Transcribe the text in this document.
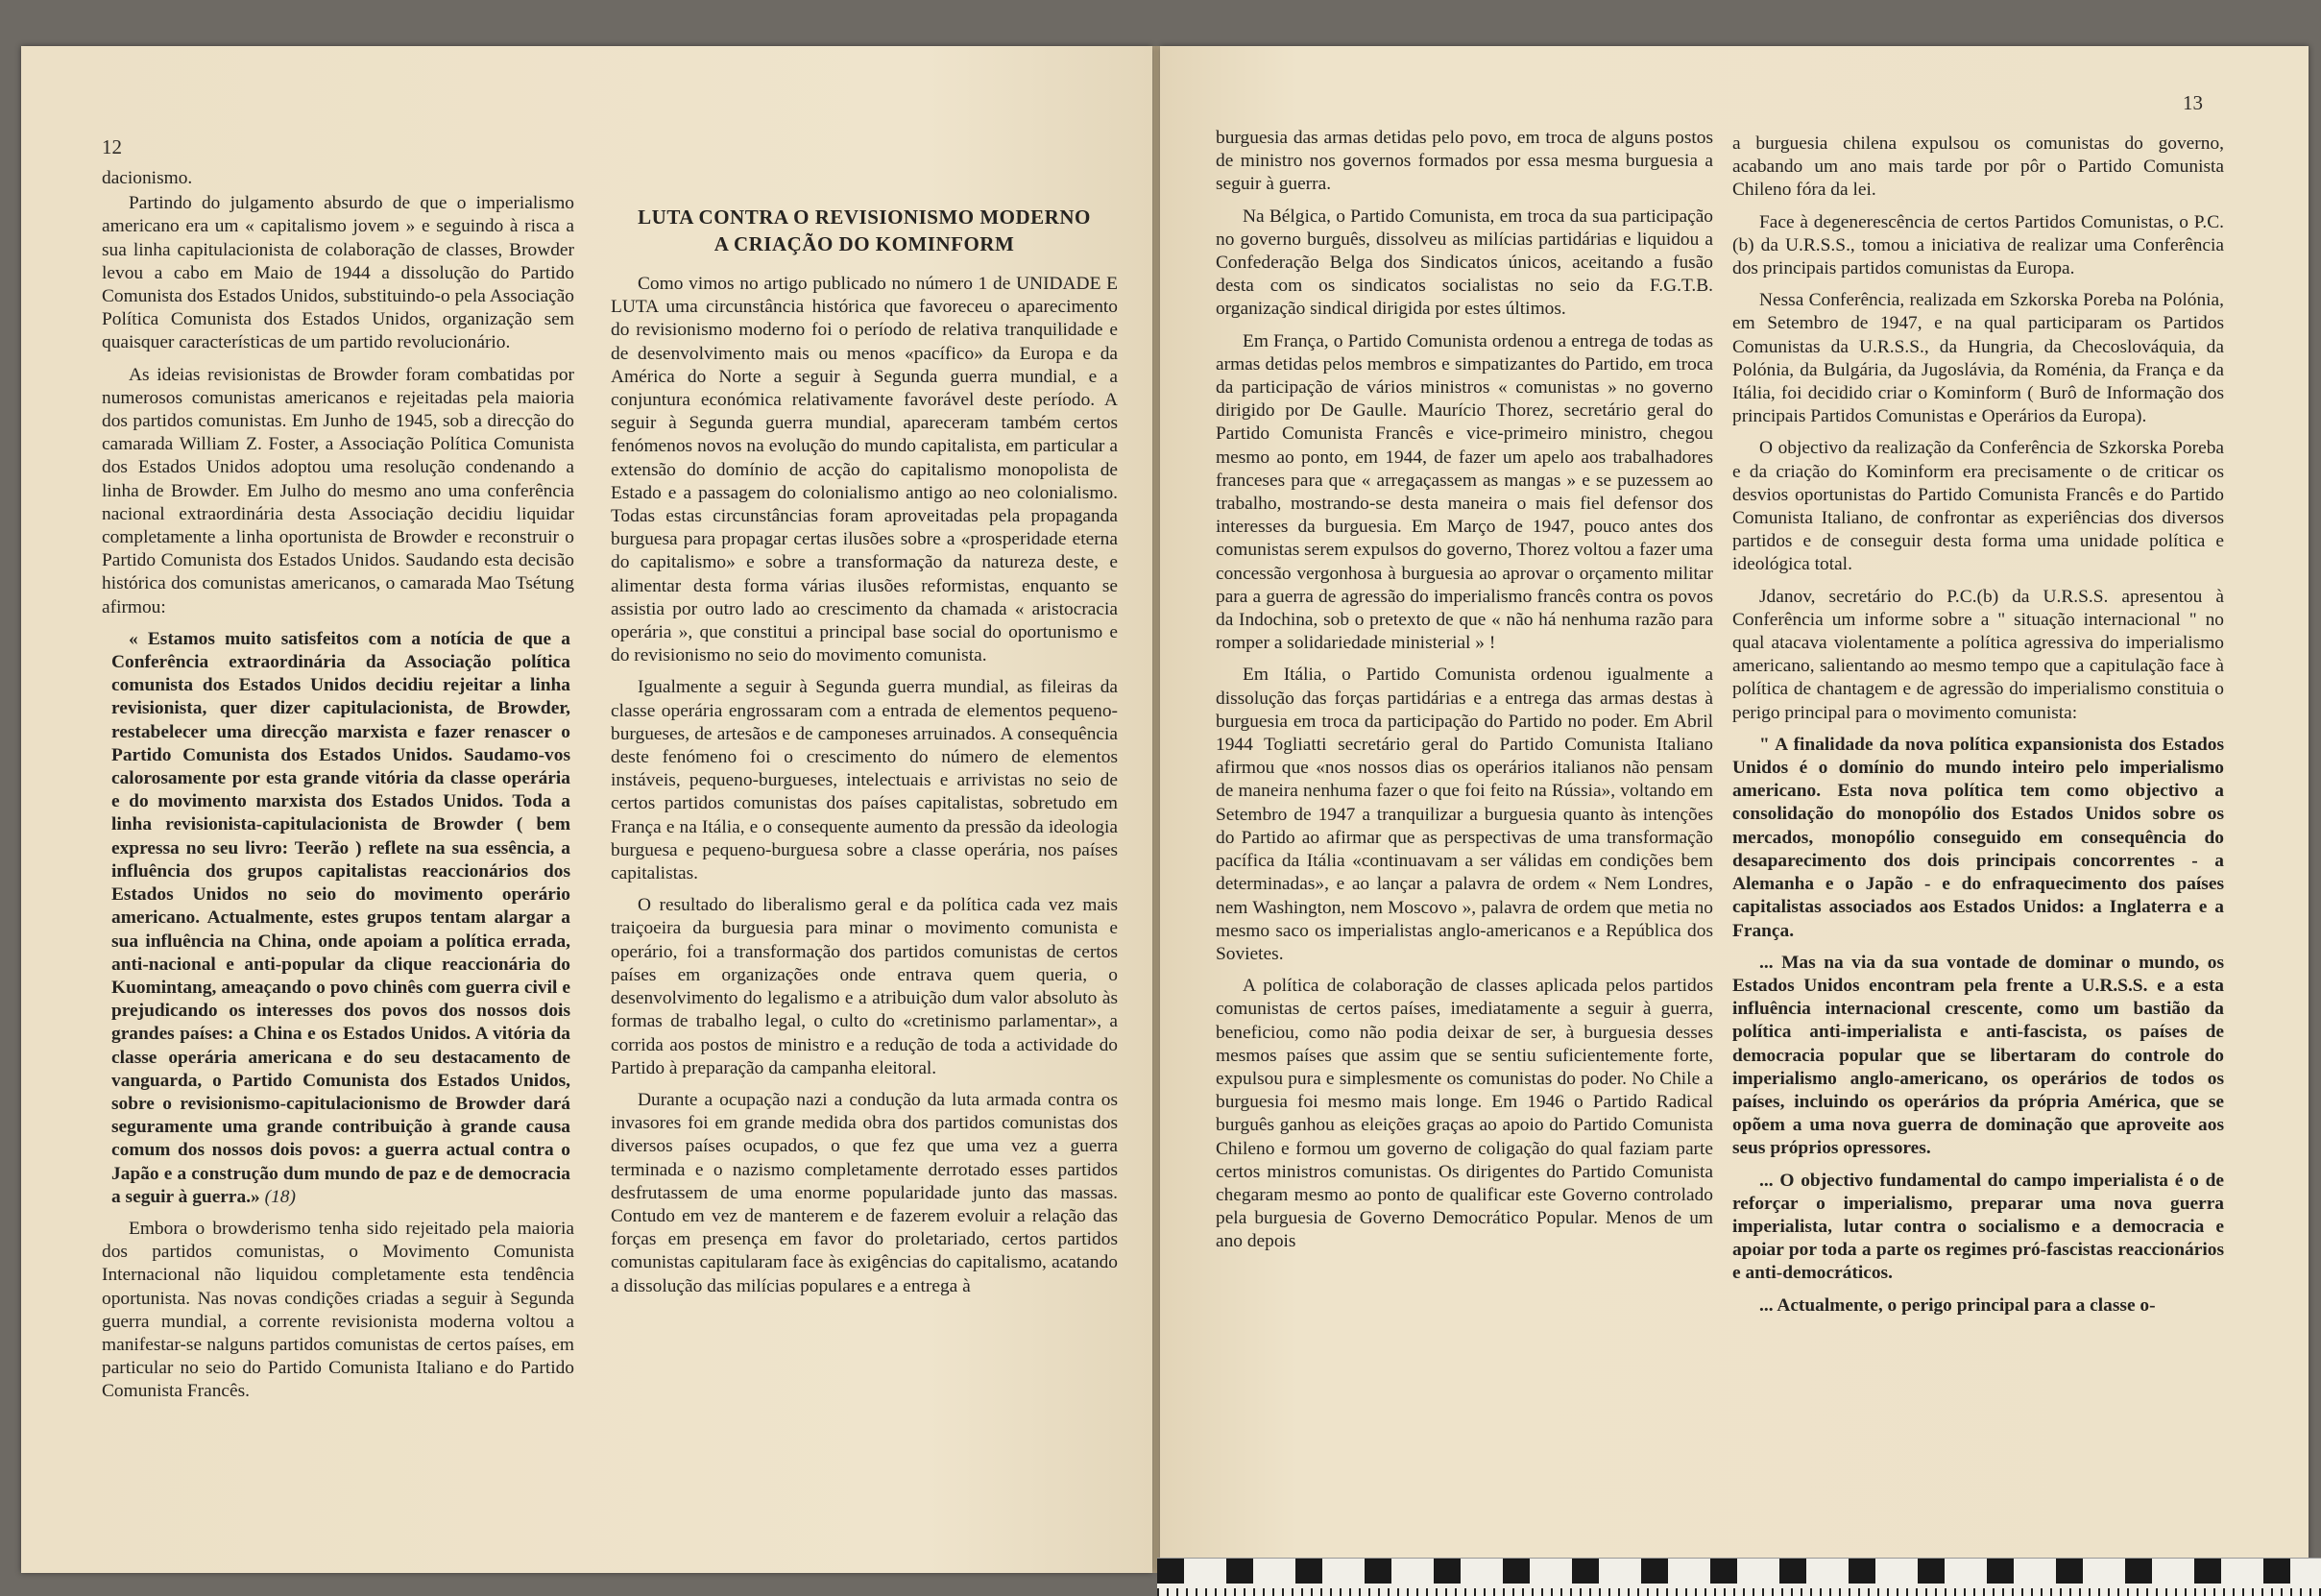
12

dacionismo.

Partindo do julgamento absurdo de que o imperialismo americano era um « capitalismo jovem » e seguindo à risca a sua linha capitulacionista de colaboração de classes, Browder levou a cabo em Maio de 1944 a dissolução do Partido Comunista dos Estados Unidos, substituindo-o pela Associação Política Comunista dos Estados Unidos, organização sem quaisquer características de um partido revolucionário.

As ideias revisionistas de Browder foram combatidas por numerosos comunistas americanos e rejeitadas pela maioria dos partidos comunistas. Em Junho de 1945, sob a direcção do camarada William Z. Foster, a Associação Política Comunista dos Estados Unidos adoptou uma resolução condenando a linha de Browder. Em Julho do mesmo ano uma conferência nacional extraordinária desta Associação decidiu liquidar completamente a linha oportunista de Browder e reconstruir o Partido Comunista dos Estados Unidos. Saudando esta decisão histórica dos comunistas americanos, o camarada Mao Tsétung afirmou:

« Estamos muito satisfeitos com a notícia de que a Conferência extraordinária da Associação política comunista dos Estados Unidos decidiu rejeitar a linha revisionista, quer dizer capitulacionista, de Browder, restabelecer uma direcção marxista e fazer renascer o Partido Comunista dos Estados Unidos. Saudamo-vos calorosamente por esta grande vitória da classe operária e do movimento marxista dos Estados Unidos. Toda a linha revisionista-capitulacionista de Browder ( bem expressa no seu livro: Teerão ) reflete na sua essência, a influência dos grupos capitalistas reaccionários dos Estados Unidos no seio do movimento operário americano. Actualmente, estes grupos tentam alargar a sua influência na China, onde apoiam a política errada, anti-nacional e anti-popular da clique reaccionária do Kuomintang, ameaçando o povo chinês com guerra civil e prejudicando os interesses dos povos dos nossos dois grandes países: a China e os Estados Unidos. A vitória da classe operária americana e do seu destacamento de vanguarda, o Partido Comunista dos Estados Unidos, sobre o revisionismo-capitulacionismo de Browder dará seguramente uma grande contribuição à grande causa comum dos nossos dois povos: a guerra actual contra o Japão e a construção dum mundo de paz e de democracia a seguir à guerra.» (18)

Embora o browderismo tenha sido rejeitado pela maioria dos partidos comunistas, o Movimento Comunista Internacional não liquidou completamente esta tendência oportunista. Nas novas condições criadas a seguir à Segunda guerra mundial, a corrente revisionista moderna voltou a manifestar-se nalguns partidos comunistas de certos países, em particular no seio do Partido Comunista Italiano e do Partido Comunista Francês.

LUTA CONTRA O REVISIONISMO MODERNO
A CRIAÇÃO DO KOMINFORM

Como vimos no artigo publicado no número 1 de UNIDADE E LUTA uma circunstância histórica que favoreceu o aparecimento do revisionismo moderno foi o período de relativa tranquilidade e de desenvolvimento mais ou menos «pacífico» da Europa e da América do Norte a seguir à Segunda guerra mundial, e a conjuntura económica relativamente favorável deste período. A seguir à Segunda guerra mundial, apareceram também certos fenómenos novos na evolução do mundo capitalista, em particular a extensão do domínio de acção do capitalismo monopolista de Estado e a passagem do colonialismo antigo ao neo colonialismo. Todas estas circunstâncias foram aproveitadas pela propaganda burguesa para propagar certas ilusões sobre a «prosperidade eterna do capitalismo» e sobre a transformação da natureza deste, e alimentar desta forma várias ilusões reformistas, enquanto se assistia por outro lado ao crescimento da chamada « aristocracia operária », que constitui a principal base social do oportunismo e do revisionismo no seio do movimento comunista.

Igualmente a seguir à Segunda guerra mundial, as fileiras da classe operária engrossaram com a entrada de elementos pequeno-burgueses, de artesãos e de camponeses arruinados. A consequência deste fenómeno foi o crescimento do número de elementos instáveis, pequeno-burgueses, intelectuais e arrivistas no seio de certos partidos comunistas dos países capitalistas, sobretudo em França e na Itália, e o consequente aumento da pressão da ideologia burguesa e pequeno-burguesa sobre a classe operária, nos países capitalistas.

O resultado do liberalismo geral e da política cada vez mais traiçoeira da burguesia para minar o movimento comunista e operário, foi a transformação dos partidos comunistas de certos países em organizações onde entrava quem queria, o desenvolvimento do legalismo e a atribuição dum valor absoluto às formas de trabalho legal, o culto do «cretinismo parlamentar», a corrida aos postos de ministro e a redução de toda a actividade do Partido à preparação da campanha eleitoral.

Durante a ocupação nazi a condução da luta armada contra os invasores foi em grande medida obra dos partidos comunistas dos diversos países ocupados, o que fez que uma vez a guerra terminada e o nazismo completamente derrotado esses partidos desfrutassem de uma enorme popularidade junto das massas. Contudo em vez de manterem e de fazerem evoluir a relação das forças em presença em favor do proletariado, certos partidos comunistas capitularam face às exigências do capitalismo, acatando a dissolução das milícias populares e a entrega à

13

burguesia das armas detidas pelo povo, em troca de alguns postos de ministro nos governos formados por essa mesma burguesia a seguir à guerra.

Na Bélgica, o Partido Comunista, em troca da sua participação no governo burguês, dissolveu as milícias partidárias e liquidou a Confederação Belga dos Sindicatos únicos, aceitando a fusão desta com os sindicatos socialistas no seio da F.G.T.B. organização sindical dirigida por estes últimos.

Em França, o Partido Comunista ordenou a entrega de todas as armas detidas pelos membros e simpatizantes do Partido, em troca da participação de vários ministros « comunistas » no governo dirigido por De Gaulle. Maurício Thorez, secretário geral do Partido Comunista Francês e vice-primeiro ministro, chegou mesmo ao ponto, em 1944, de fazer um apelo aos trabalhadores franceses para que « arregaçassem as mangas » e se puzessem ao trabalho, mostrando-se desta maneira o mais fiel defensor dos interesses da burguesia. Em Março de 1947, pouco antes dos comunistas serem expulsos do governo, Thorez voltou a fazer uma concessão vergonhosa à burguesia ao aprovar o orçamento militar para a guerra de agressão do imperialismo francês contra os povos da Indochina, sob o pretexto de que « não há nenhuma razão para romper a solidariedade ministerial » !

Em Itália, o Partido Comunista ordenou igualmente a dissolução das forças partidárias e a entrega das armas destas à burguesia em troca da participação do Partido no poder. Em Abril 1944 Togliatti secretário geral do Partido Comunista Italiano afirmou que «nos nossos dias os operários italianos não pensam de maneira nenhuma fazer o que foi feito na Rússia», voltando em Setembro de 1947 a tranquilizar a burguesia quanto às intenções do Partido ao afirmar que as perspectivas de uma transformação pacífica da Itália «continuavam a ser válidas em condições bem determinadas», e ao lançar a palavra de ordem « Nem Londres, nem Washington, nem Moscovo », palavra de ordem que metia no mesmo saco os imperialistas anglo-americanos e a República dos Sovietes.

A política de colaboração de classes aplicada pelos partidos comunistas de certos países, imediatamente a seguir à guerra, beneficiou, como não podia deixar de ser, à burguesia desses mesmos países que assim que se sentiu suficientemente forte, expulsou pura e simplesmente os comunistas do poder. No Chile a burguesia foi mesmo mais longe. Em 1946 o Partido Radical burguês ganhou as eleições graças ao apoio do Partido Comunista Chileno e formou um governo de coligação do qual faziam parte certos ministros comunistas. Os dirigentes do Partido Comunista chegaram mesmo ao ponto de qualificar este Governo controlado pela burguesia de Governo Democrático Popular. Menos de um ano depois

a burguesia chilena expulsou os comunistas do governo, acabando um ano mais tarde por pôr o Partido Comunista Chileno fóra da lei.

Face à degenerescência de certos Partidos Comunistas, o P.C.(b) da U.R.S.S., tomou a iniciativa de realizar uma Conferência dos principais partidos comunistas da Europa.

Nessa Conferência, realizada em Szkorska Poreba na Polónia, em Setembro de 1947, e na qual participaram os Partidos Comunistas da U.R.S.S., da Hungria, da Checoslováquia, da Polónia, da Bulgária, da Jugoslávia, da Roménia, da França e da Itália, foi decidido criar o Kominform ( Burô de Informação dos principais Partidos Comunistas e Operários da Europa).

O objectivo da realização da Conferência de Szkorska Poreba e da criação do Kominform era precisamente o de criticar os desvios oportunistas do Partido Comunista Francês e do Partido Comunista Italiano, de confrontar as experiências dos diversos partidos e de conseguir desta forma uma unidade política e ideológica total.

Jdanov, secretário do P.C.(b) da U.R.S.S. apresentou à Conferência um informe sobre a " situação internacional " no qual atacava violentamente a política agressiva do imperialismo americano, salientando ao mesmo tempo que a capitulação face à política de chantagem e de agressão do imperialismo constituia o perigo principal para o movimento comunista:

" A finalidade da nova política expansionista dos Estados Unidos é o domínio do mundo inteiro pelo imperialismo americano. Esta nova política tem como objectivo a consolidação do monopólio dos Estados Unidos sobre os mercados, monopólio conseguido em consequência do desaparecimento dos dois principais concorrentes - a Alemanha e o Japão - e do enfraquecimento dos países capitalistas associados aos Estados Unidos: a Inglaterra e a França.

... Mas na via da sua vontade de dominar o mundo, os Estados Unidos encontram pela frente a U.R.S.S. e a esta influência internacional crescente, como um bastião da política anti-imperialista e anti-fascista, os países de democracia popular que se libertaram do controle do imperialismo anglo-americano, os operários de todos os países, incluindo os operários da própria América, que se opõem a uma nova guerra de dominação que aproveite aos seus próprios opressores.

... O objectivo fundamental do campo imperialista é o de reforçar o imperialismo, preparar uma nova guerra imperialista, lutar contra o socialismo e a democracia e apoiar por toda a parte os regimes pró-fascistas reaccionários e anti-democráticos.

... Actualmente, o perigo principal para a classe o-
